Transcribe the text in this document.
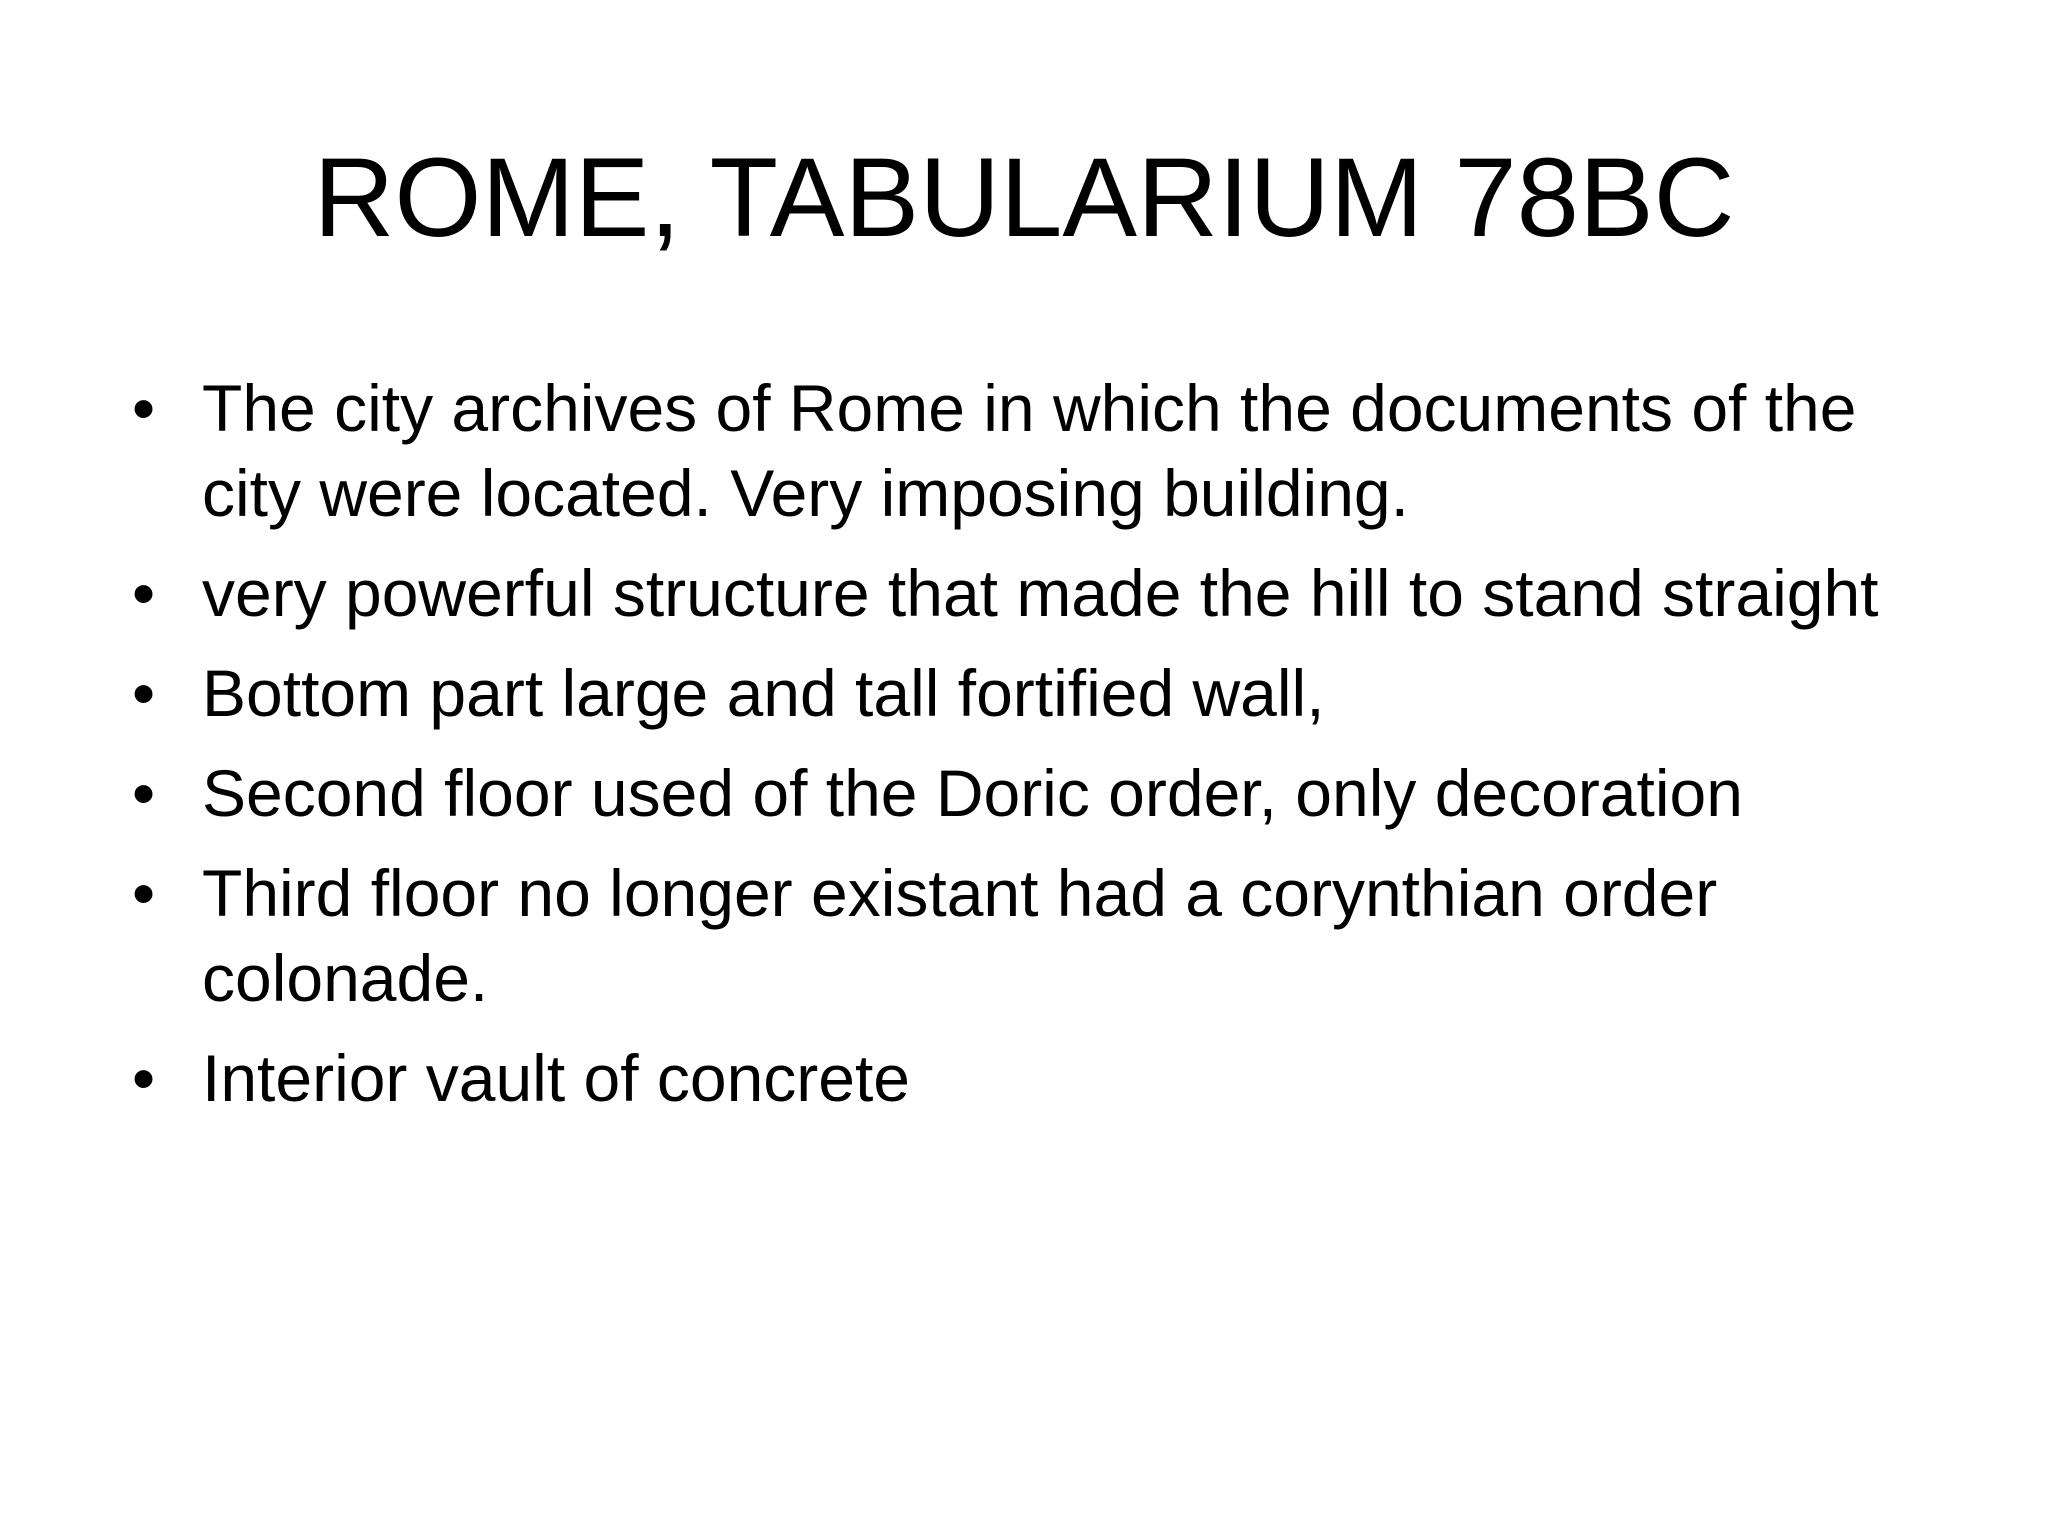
ROME, TABULARIUM 78BC
• The city archives of Rome in which the documents of the city were located. Very imposing building.
• very powerful structure that made the hill to stand straight
• Bottom part large and tall fortified wall,
• Second floor used of the Doric order, only decoration
• Third floor no longer existant had a corynthian order colonade.
• Interior vault of concrete
